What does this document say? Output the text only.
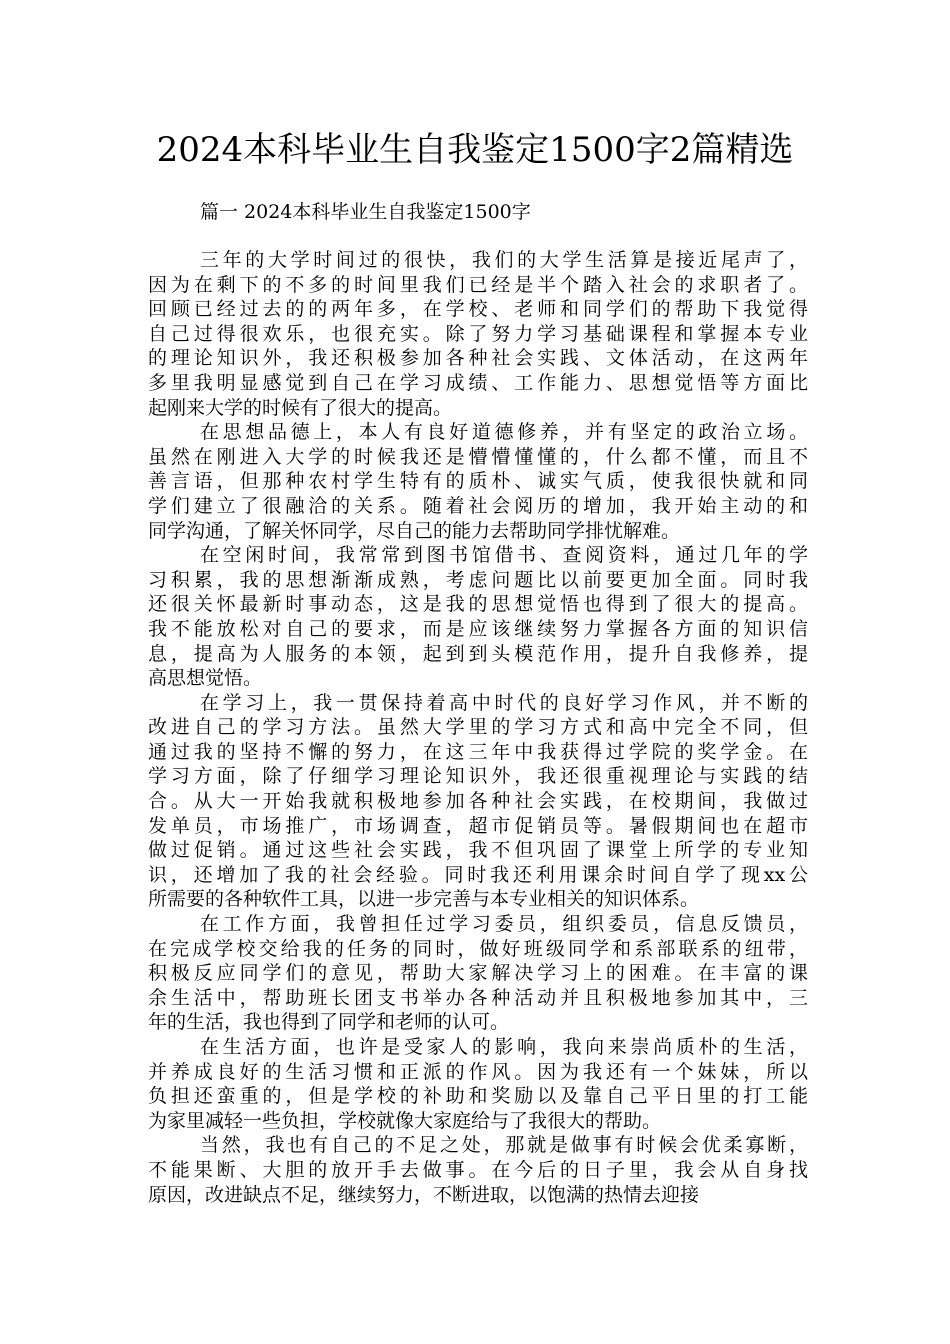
2024本科毕业生自我鉴定1500字2篇精选
篇一 2024本科毕业生自我鉴定1500字
三年的大学时间过的很快，我们的大学生活算是接近尾声了，
因为在剩下的不多的时间里我们已经是半个踏入社会的求职者了。
回顾已经过去的的两年多，在学校、老师和同学们的帮助下我觉得
自己过得很欢乐，也很充实。除了努力学习基础课程和掌握本专业
的理论知识外，我还积极参加各种社会实践、文体活动，在这两年
多里我明显感觉到自己在学习成绩、工作能力、思想觉悟等方面比
起刚来大学的时候有了很大的提高。
在思想品德上，本人有良好道德修养，并有坚定的政治立场。
虽然在刚进入大学的时候我还是懵懵懂懂的，什么都不懂，而且不
善言语，但那种农村学生特有的质朴、诚实气质，使我很快就和同
学们建立了很融洽的关系。随着社会阅历的增加，我开始主动的和
同学沟通，了解关怀同学，尽自己的能力去帮助同学排忧解难。
在空闲时间，我常常到图书馆借书、查阅资料，通过几年的学
习积累，我的思想渐渐成熟，考虑问题比以前要更加全面。同时我
还很关怀最新时事动态，这是我的思想觉悟也得到了很大的提高。
我不能放松对自己的要求，而是应该继续努力掌握各方面的知识信
息，提高为人服务的本领，起到到头模范作用，提升自我修养，提
高思想觉悟。
在学习上，我一贯保持着高中时代的良好学习作风，并不断的
改进自己的学习方法。虽然大学里的学习方式和高中完全不同，但
通过我的坚持不懈的努力，在这三年中我获得过学院的奖学金。在
学习方面，除了仔细学习理论知识外，我还很重视理论与实践的结
合。从大一开始我就积极地参加各种社会实践，在校期间，我做过
发单员，市场推广，市场调查，超市促销员等。暑假期间也在超市
做过促销。通过这些社会实践，我不但巩固了课堂上所学的专业知
识，还增加了我的社会经验。同时我还利用课余时间自学了现xx公
所需要的各种软件工具，以进一步完善与本专业相关的知识体系。
在工作方面，我曾担任过学习委员，组织委员，信息反馈员，
在完成学校交给我的任务的同时，做好班级同学和系部联系的纽带，
积极反应同学们的意见，帮助大家解决学习上的困难。在丰富的课
余生活中，帮助班长团支书举办各种活动并且积极地参加其中，三
年的生活，我也得到了同学和老师的认可。
在生活方面，也许是受家人的影响，我向来崇尚质朴的生活，
并养成良好的生活习惯和正派的作风。因为我还有一个妹妹，所以
负担还蛮重的，但是学校的补助和奖励以及靠自己平日里的打工能
为家里减轻一些负担，学校就像大家庭给与了我很大的帮助。
当然，我也有自己的不足之处，那就是做事有时候会优柔寡断，
不能果断、大胆的放开手去做事。在今后的日子里，我会从自身找
原因，改进缺点不足，继续努力，不断进取，以饱满的热情去迎接
